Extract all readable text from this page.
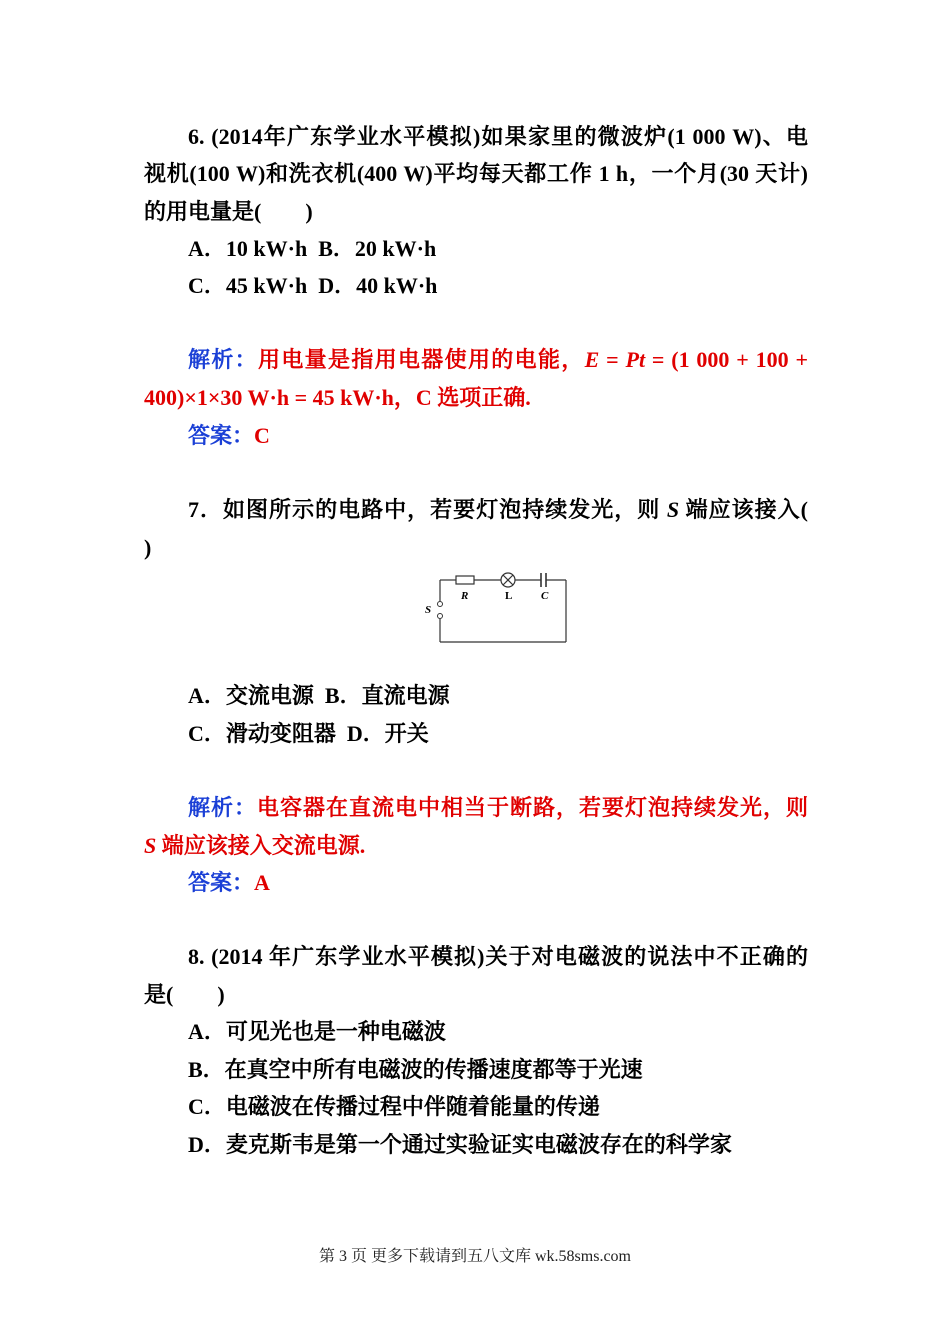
6. (2014年广东学业水平模拟)如果家里的微波炉(1 000 W)、电
视机(100 W)和洗衣机(400 W)平均每天都工作 1 h，一个月(30 天计)
的用电量是(　　)
A．10 kW·h B．20 kW·h
C．45 kW·h D．40 kW·h
解析：用电量是指用电器使用的电能，E = Pt = (1 000 + 100 +
400)×1×30 W·h = 45 kW·h，C 选项正确.
答案：C
7．如图所示的电路中，若要灯泡持续发光，则 S 端应该接入(
)
R	L	C
S
A．交流电源 B．直流电源
C．滑动变阻器 D．开关
解析：电容器在直流电中相当于断路，若要灯泡持续发光，则
S 端应该接入交流电源.
答案：A
8. (2014 年广东学业水平模拟)关于对电磁波的说法中不正确的
是(　　)
A．可见光也是一种电磁波
B．在真空中所有电磁波的传播速度都等于光速
C．电磁波在传播过程中伴随着能量的传递
D．麦克斯韦是第一个通过实验证实电磁波存在的科学家
第 3 页 更多下载请到五八文库 wk.58sms.com
